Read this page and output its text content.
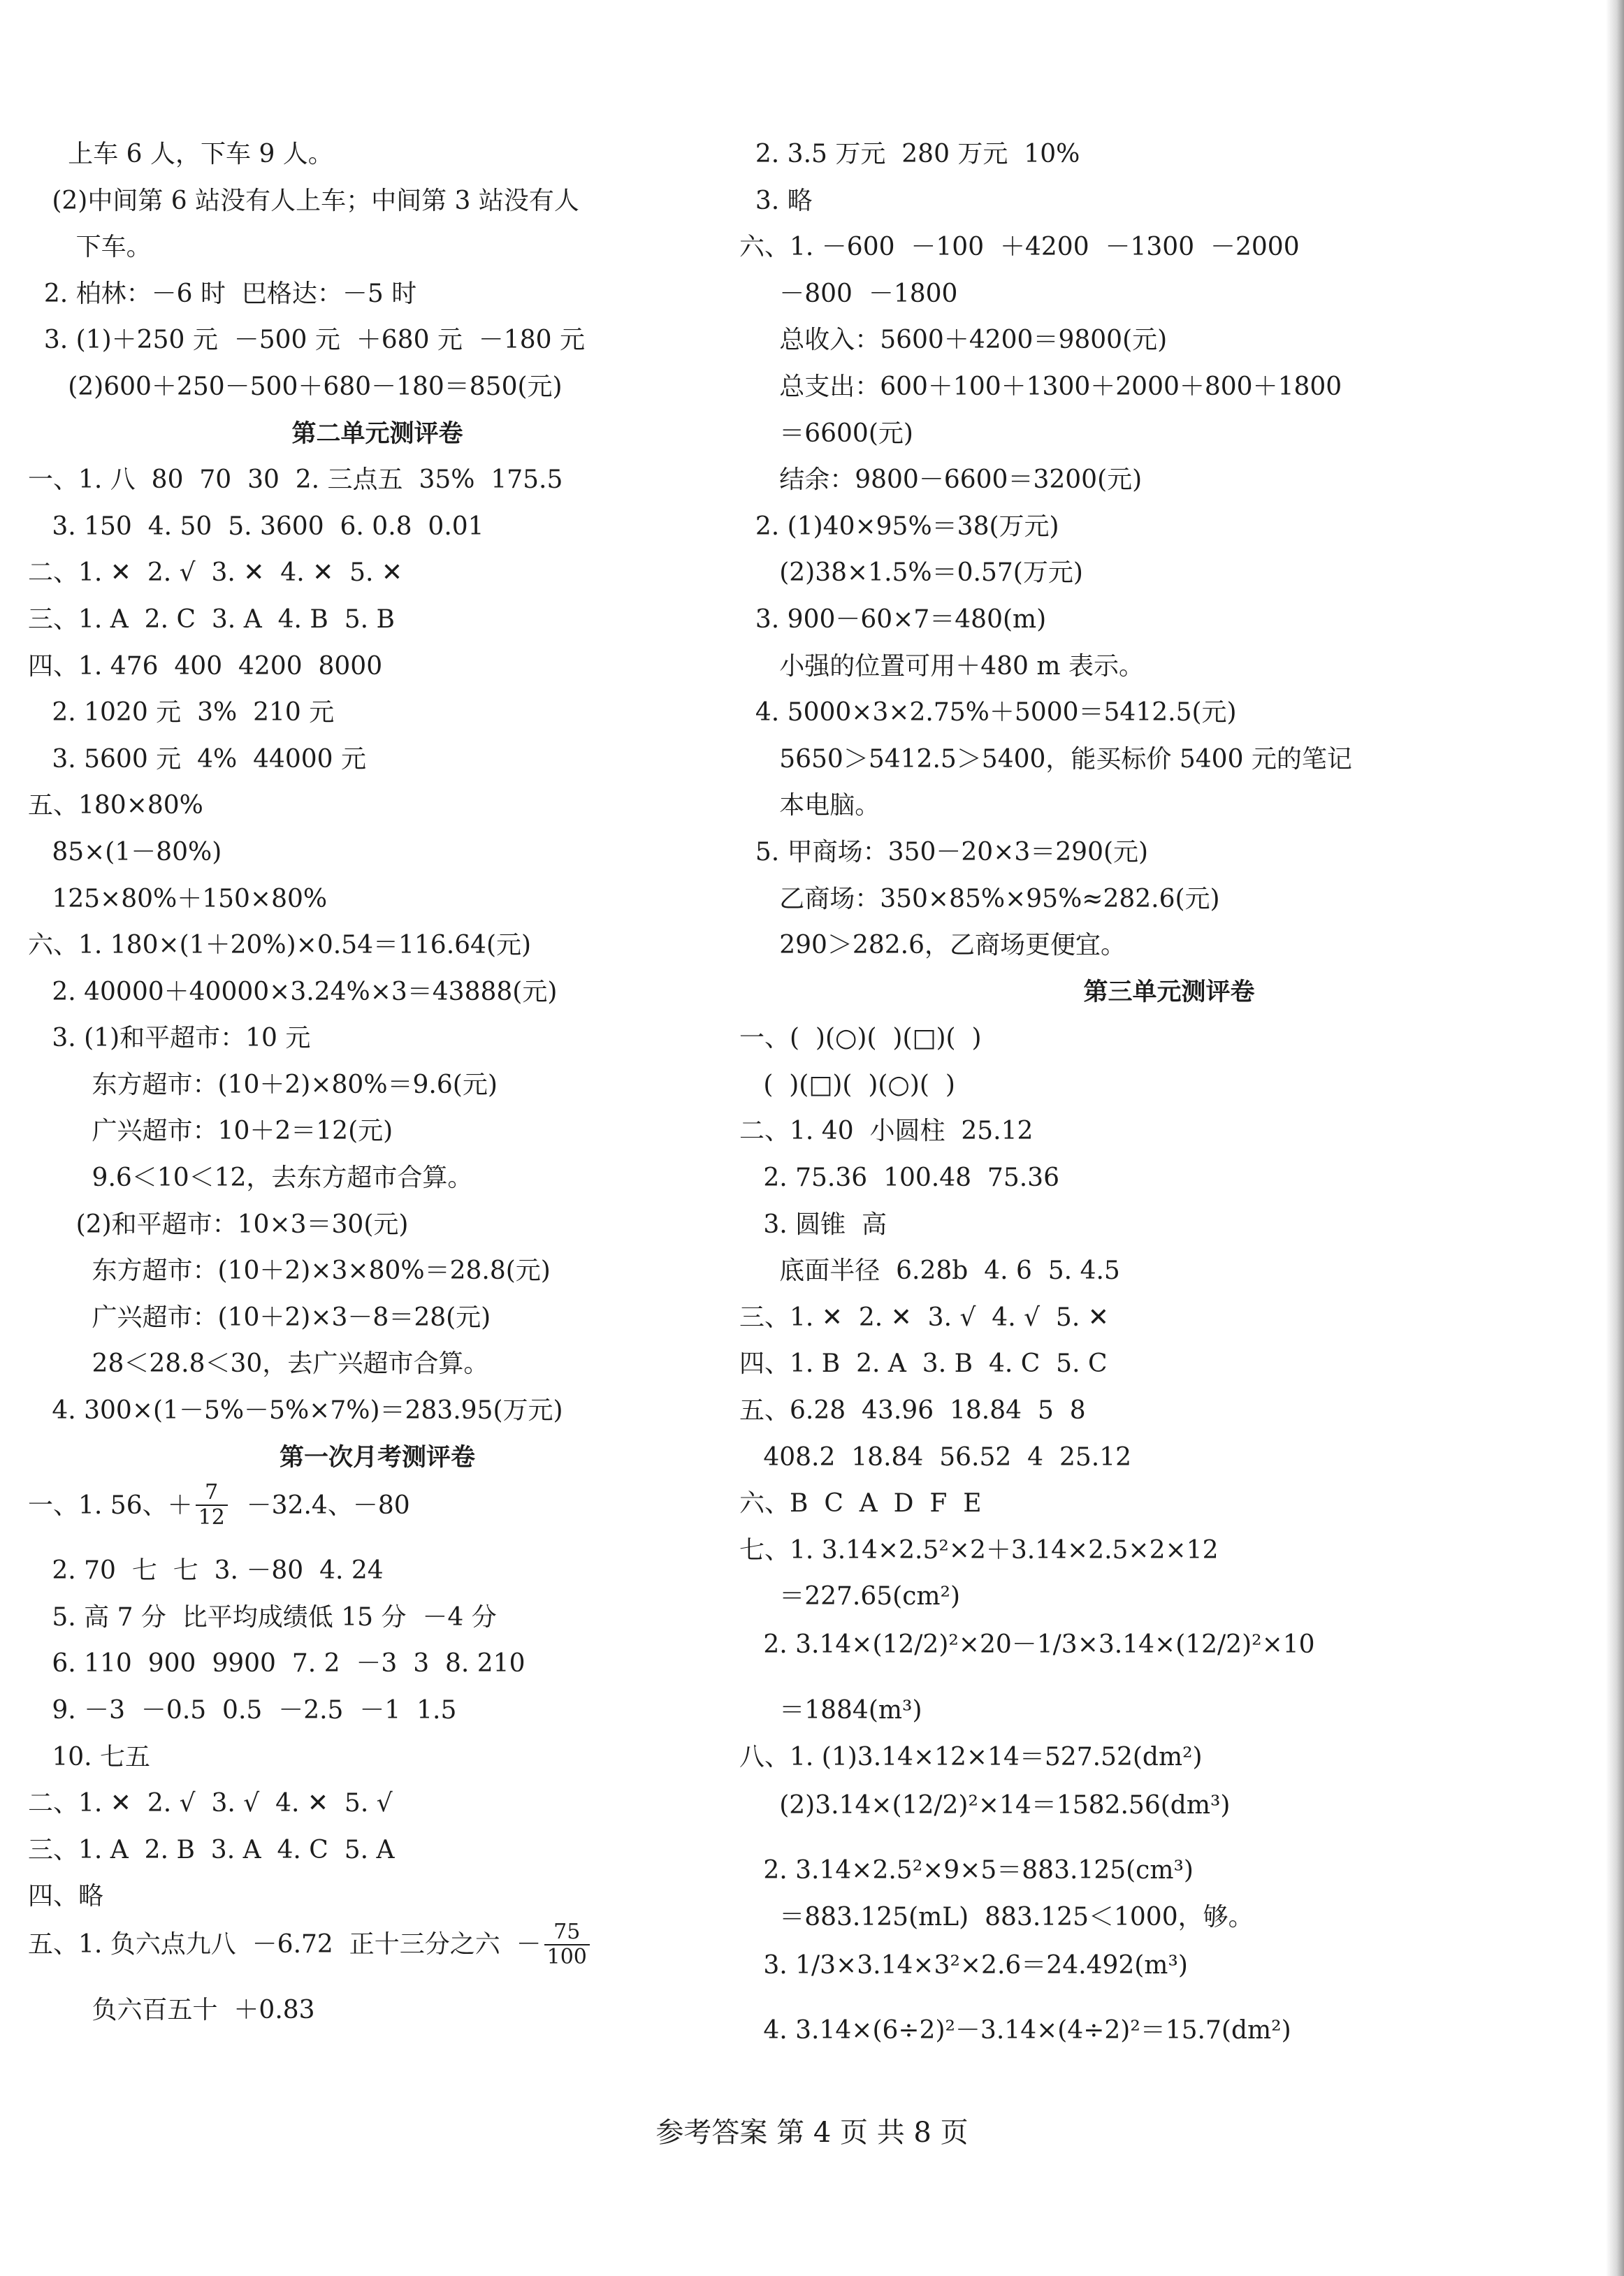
上车 6 人，下车 9 人。
(2)中间第 6 站没有人上车；中间第 3 站没有人
下车。
2. 柏林：－6 时  巴格达：－5 时
3. (1)＋250 元  －500 元  ＋680 元  －180 元
(2)600＋250－500＋680－180＝850(元)
第二单元测评卷
一、1. 八  80  70  30  2. 三点五  35%  175.5
3. 150  4. 50  5. 3600  6. 0.8  0.01
二、1. ✕  2. √  3. ✕  4. ✕  5. ✕
三、1. A  2. C  3. A  4. B  5. B
四、1. 476  400  4200  8000
2. 1020 元  3%  210 元
3. 5600 元  4%  44000 元
五、180×80%
85×(1－80%)
125×80%＋150×80%
六、1. 180×(1＋20%)×0.54＝116.64(元)
2. 40000＋40000×3.24%×3＝43888(元)
3. (1)和平超市：10 元
东方超市：(10＋2)×80%＝9.6(元)
广兴超市：10＋2＝12(元)
9.6＜10＜12，去东方超市合算。
(2)和平超市：10×3＝30(元)
东方超市：(10＋2)×3×80%＝28.8(元)
广兴超市：(10＋2)×3－8＝28(元)
28＜28.8＜30，去广兴超市合算。
4. 300×(1－5%－5%×7%)＝283.95(万元)
第一次月考测评卷
一、1. 56、＋ $\frac{7}{12} -32.4$、－80
2. 70  七  七  3. －80  4. 24
5. 高 7 分  比平均成绩低 15 分  －4 分
6. 110  900  9900  7. 2  －3  3  8. 210
9. －3  －0.5  0.5  －2.5  －1  1.5
10. 七五
二、1. ✕  2. √  3. √  4. ✕  5. √
三、1. A  2. B  3. A  4. C  5. A
四、略
五、1. 负六点九八  －6.72  正十三分之六  － $\frac{75}{100}$
负六百五十  ＋0.83
2. 3.5 万元  280 万元  10%
3. 略
六、1. －600  －100  ＋4200  －1300  －2000
－800  －1800
总收入：5600＋4200＝9800(元)
总支出：600＋100＋1300＋2000＋800＋1800
＝6600(元)
结余：9800－6600＝3200(元)
2. (1)40×95%＝38(万元)
(2)38×1.5%＝0.57(万元)
3. 900－60×7＝480(m)
小强的位置可用＋480 m 表示。
4. 5000×3×2.75%＋5000＝5412.5(元)
5650＞5412.5＞5400，能买标价 5400 元的笔记
本电脑。
5. 甲商场：350－20×3＝290(元)
乙商场：350×85%×95%≈282.6(元)
290＞282.6，乙商场更便宜。
第三单元测评卷
一、(  )(○)(  )(□)(  )
(  )(□)(  )(○)(  )
二、1. 40  小圆柱  25.12
2. 75.36  100.48  75.36
3. 圆锥  高
底面半径  6.28b  4. 6  5. 4.5
三、1. ✕  2. ✕  3. √  4. √  5. ✕
四、1. B  2. A  3. B  4. C  5. C
五、6.28  43.96  18.84  5  8
408.2  18.84  56.52  4  25.12
六、B  C  A  D  F  E
七、1. 3.14×2.5²×2＋3.14×2.5×2×12
＝227.65(cm²)
2. 3.14×(12/2)²×20－1/3×3.14×(12/2)²×10
＝1884(m³)
八、1. (1)3.14×12×14＝527.52(dm²)
(2)3.14×(12/2)²×14＝1582.56(dm³)
2. 3.14×2.5²×9×5＝883.125(cm³)
＝883.125(mL)  883.125＜1000，够。
3. 1/3×3.14×3²×2.6＝24.492(m³)
4. 3.14×(6÷2)²－3.14×(4÷2)²＝15.7(dm²)
参考答案 第 4 页 共 8 页
